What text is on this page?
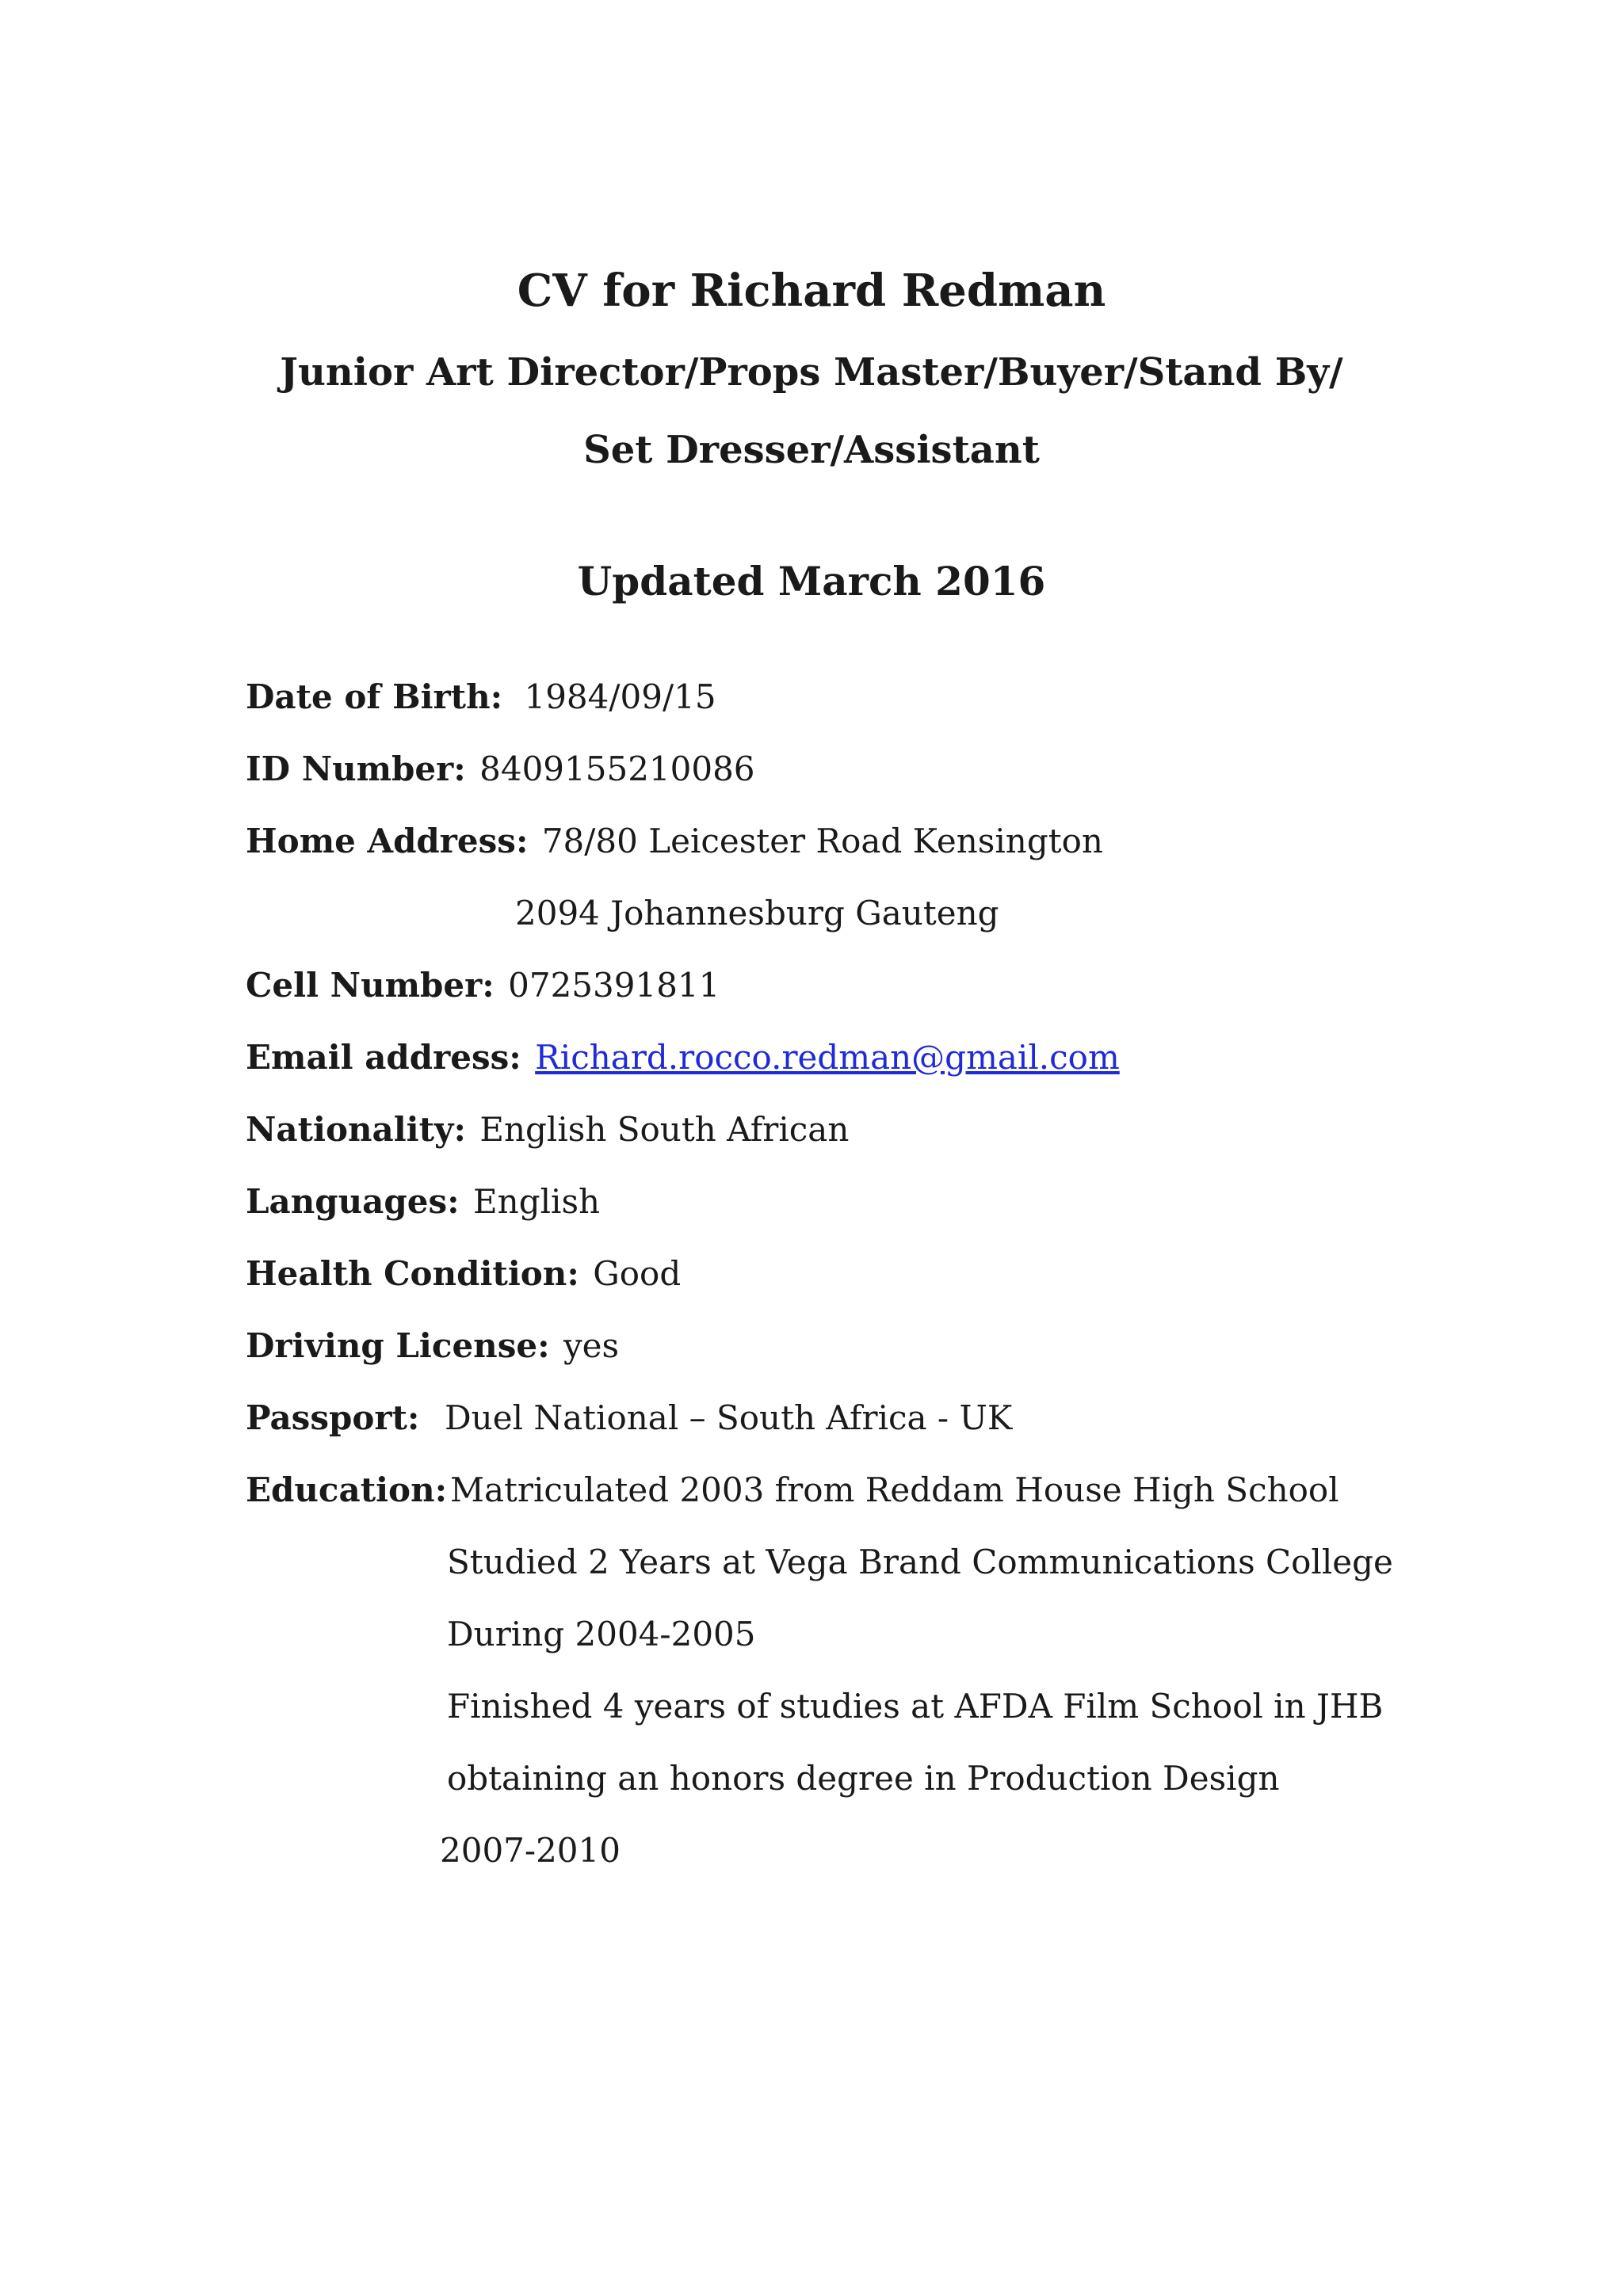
CV for Richard Redman
Junior Art Director/Props Master/Buyer/Stand By/
Set Dresser/Assistant
Updated March 2016
Date of Birth: 1984/09/15
ID Number: 8409155210086
Home Address: 78/80 Leicester Road Kensington
2094 Johannesburg Gauteng
Cell Number: 0725391811
Email address: Richard.rocco.redman@gmail.com
Nationality: English South African
Languages: English
Health Condition: Good
Driving License: yes
Passport: Duel National – South Africa - UK
Education: Matriculated 2003 from Reddam House High School
Studied 2 Years at Vega Brand Communications College
During 2004-2005
Finished 4 years of studies at AFDA Film School in JHB
obtaining an honors degree in Production Design
2007-2010
